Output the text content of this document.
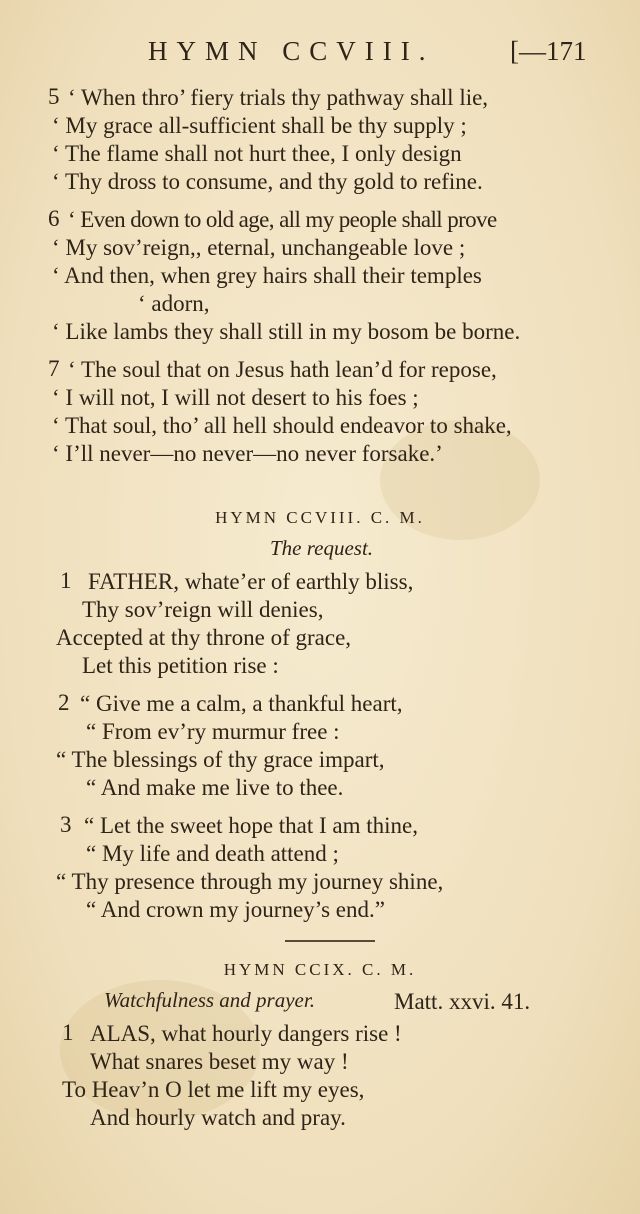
HYMN CCVIII.	[—171
5 ‘ When thro’ fiery trials thy pathway shall lie,
‘ My grace all-sufficient shall be thy supply ;
‘ The flame shall not hurt thee, I only design
‘ Thy dross to consume, and thy gold to refine.
6 ‘ Even down to old age, all my people shall prove
‘ My sov’reign,, eternal, unchangeable love ;
‘ And then, when grey hairs shall their temples
‘ adorn,
‘ Like lambs they shall still in my bosom be borne.
7 ‘ The soul that on Jesus hath lean’d for repose,
‘ I will not, I will not desert to his foes ;
‘ That soul, tho’ all hell should endeavor to shake,
‘ I’ll never—no never—no never forsake.’
HYMN CCVIII. C. M.
The request.
1 FATHER, whate’er of earthly bliss,
Thy sov’reign will denies,
Accepted at thy throne of grace,
Let this petition rise :
2 “ Give me a calm, a thankful heart,
“ From ev’ry murmur free :
“ The blessings of thy grace impart,
“ And make me live to thee.
3 “ Let the sweet hope that I am thine,
“ My life and death attend ;
“ Thy presence through my journey shine,
“ And crown my journey’s end.”
HYMN CCIX. C. M.
Watchfulness and prayer.	Matt. xxvi. 41.
1 ALAS, what hourly dangers rise !
What snares beset my way !
To Heav’n O let me lift my eyes,
And hourly watch and pray.
